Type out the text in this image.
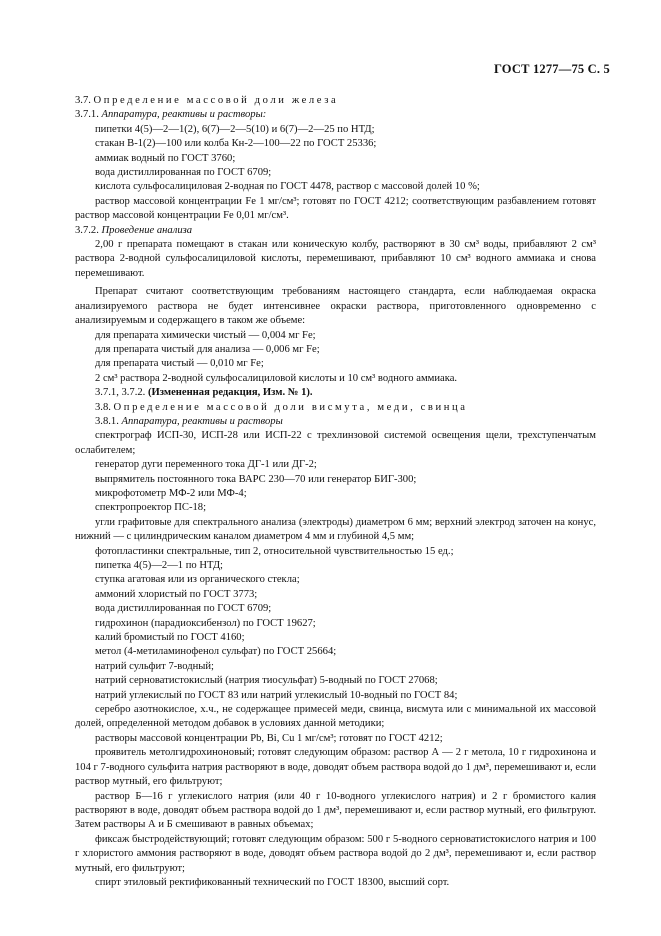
ГОСТ 1277—75 С. 5

3.7. Определение массовой доли железа

3.7.1. Аппаратура, реактивы и растворы:

пипетки 4(5)—2—1(2), 6(7)—2—5(10) и 6(7)—2—25 по НТД;

стакан В-1(2)—100 или колба Кн-2—100—22 по ГОСТ 25336;

аммиак водный по ГОСТ 3760;

вода дистиллированная по ГОСТ 6709;

кислота сульфосалициловая 2-водная по ГОСТ 4478, раствор с массовой долей 10 %;

раствор массовой концентрации Fe 1 мг/см³; готовят по ГОСТ 4212; соответствующим разбавлением готовят раствор массовой концентрации Fe 0,01 мг/см³.

3.7.2. Проведение анализа

2,00 г препарата помещают в стакан или коническую колбу, растворяют в 30 см³ воды, прибавляют 2 см³ раствора 2-водной сульфосалициловой кислоты, перемешивают, прибавляют 10 см³ водного аммиака и снова перемешивают.

Препарат считают соответствующим требованиям настоящего стандарта, если наблюдаемая окраска анализируемого раствора не будет интенсивнее окраски раствора, приготовленного одновременно с анализируемым и содержащего в таком же объеме:

для препарата химически чистый — 0,004 мг Fe;

для препарата чистый для анализа — 0,006 мг Fe;

для препарата чистый — 0,010 мг Fe;

2 см³ раствора 2-водной сульфосалициловой кислоты и 10 см³ водного аммиака.

3.7.1, 3.7.2. (Измененная редакция, Изм. № 1).

3.8. Определение массовой доли висмута, меди, свинца

3.8.1. Аппаратура, реактивы и растворы

спектрограф ИСП-30, ИСП-28 или ИСП-22 с трехлинзовой системой освещения щели, трехступенчатым ослабителем;

генератор дуги переменного тока ДГ-1 или ДГ-2;

выпрямитель постоянного тока ВАРС 230—70 или генератор БИГ-300;

микрофотометр МФ-2 или МФ-4;

спектропроектор ПС-18;

угли графитовые для спектрального анализа (электроды) диаметром 6 мм; верхний электрод заточен на конус, нижний — с цилиндрическим каналом диаметром 4 мм и глубиной 4,5 мм;

фотопластинки спектральные, тип 2, относительной чувствительностью 15 ед.;

пипетка 4(5)—2—1 по НТД;

ступка агатовая или из органического стекла;

аммоний хлористый по ГОСТ 3773;

вода дистиллированная по ГОСТ 6709;

гидрохинон (парадиоксибензол) по ГОСТ 19627;

калий бромистый по ГОСТ 4160;

метол (4-метиламинофенол сульфат) по ГОСТ 25664;

натрий сульфит 7-водный;

натрий серноватистокислый (натрия тиосульфат) 5-водный по ГОСТ 27068;

натрий углекислый по ГОСТ 83 или натрий углекислый 10-водный по ГОСТ 84;

серебро азотнокислое, х.ч., не содержащее примесей меди, свинца, висмута или с минимальной их массовой долей, определенной методом добавок в условиях данной методики;

растворы массовой концентрации Pb, Bi, Cu 1 мг/см³; готовят по ГОСТ 4212;

проявитель метолгидрохиноновый; готовят следующим образом: раствор А — 2 г метола, 10 г гидрохинона и 104 г 7-водного сульфита натрия растворяют в воде, доводят объем раствора водой до 1 дм³, перемешивают и, если раствор мутный, его фильтруют;

раствор Б—16 г углекислого натрия (или 40 г 10-водного углекислого натрия) и 2 г бромистого калия растворяют в воде, доводят объем раствора водой до 1 дм³, перемешивают и, если раствор мутный, его фильтруют. Затем растворы А и Б смешивают в равных объемах;

фиксаж быстродействующий; готовят следующим образом: 500 г 5-водного серноватистокислого натрия и 100 г хлористого аммония растворяют в воде, доводят объем раствора водой до 2 дм³, перемешивают и, если раствор мутный, его фильтруют;

спирт этиловый ректификованный технический по ГОСТ 18300, высший сорт.
